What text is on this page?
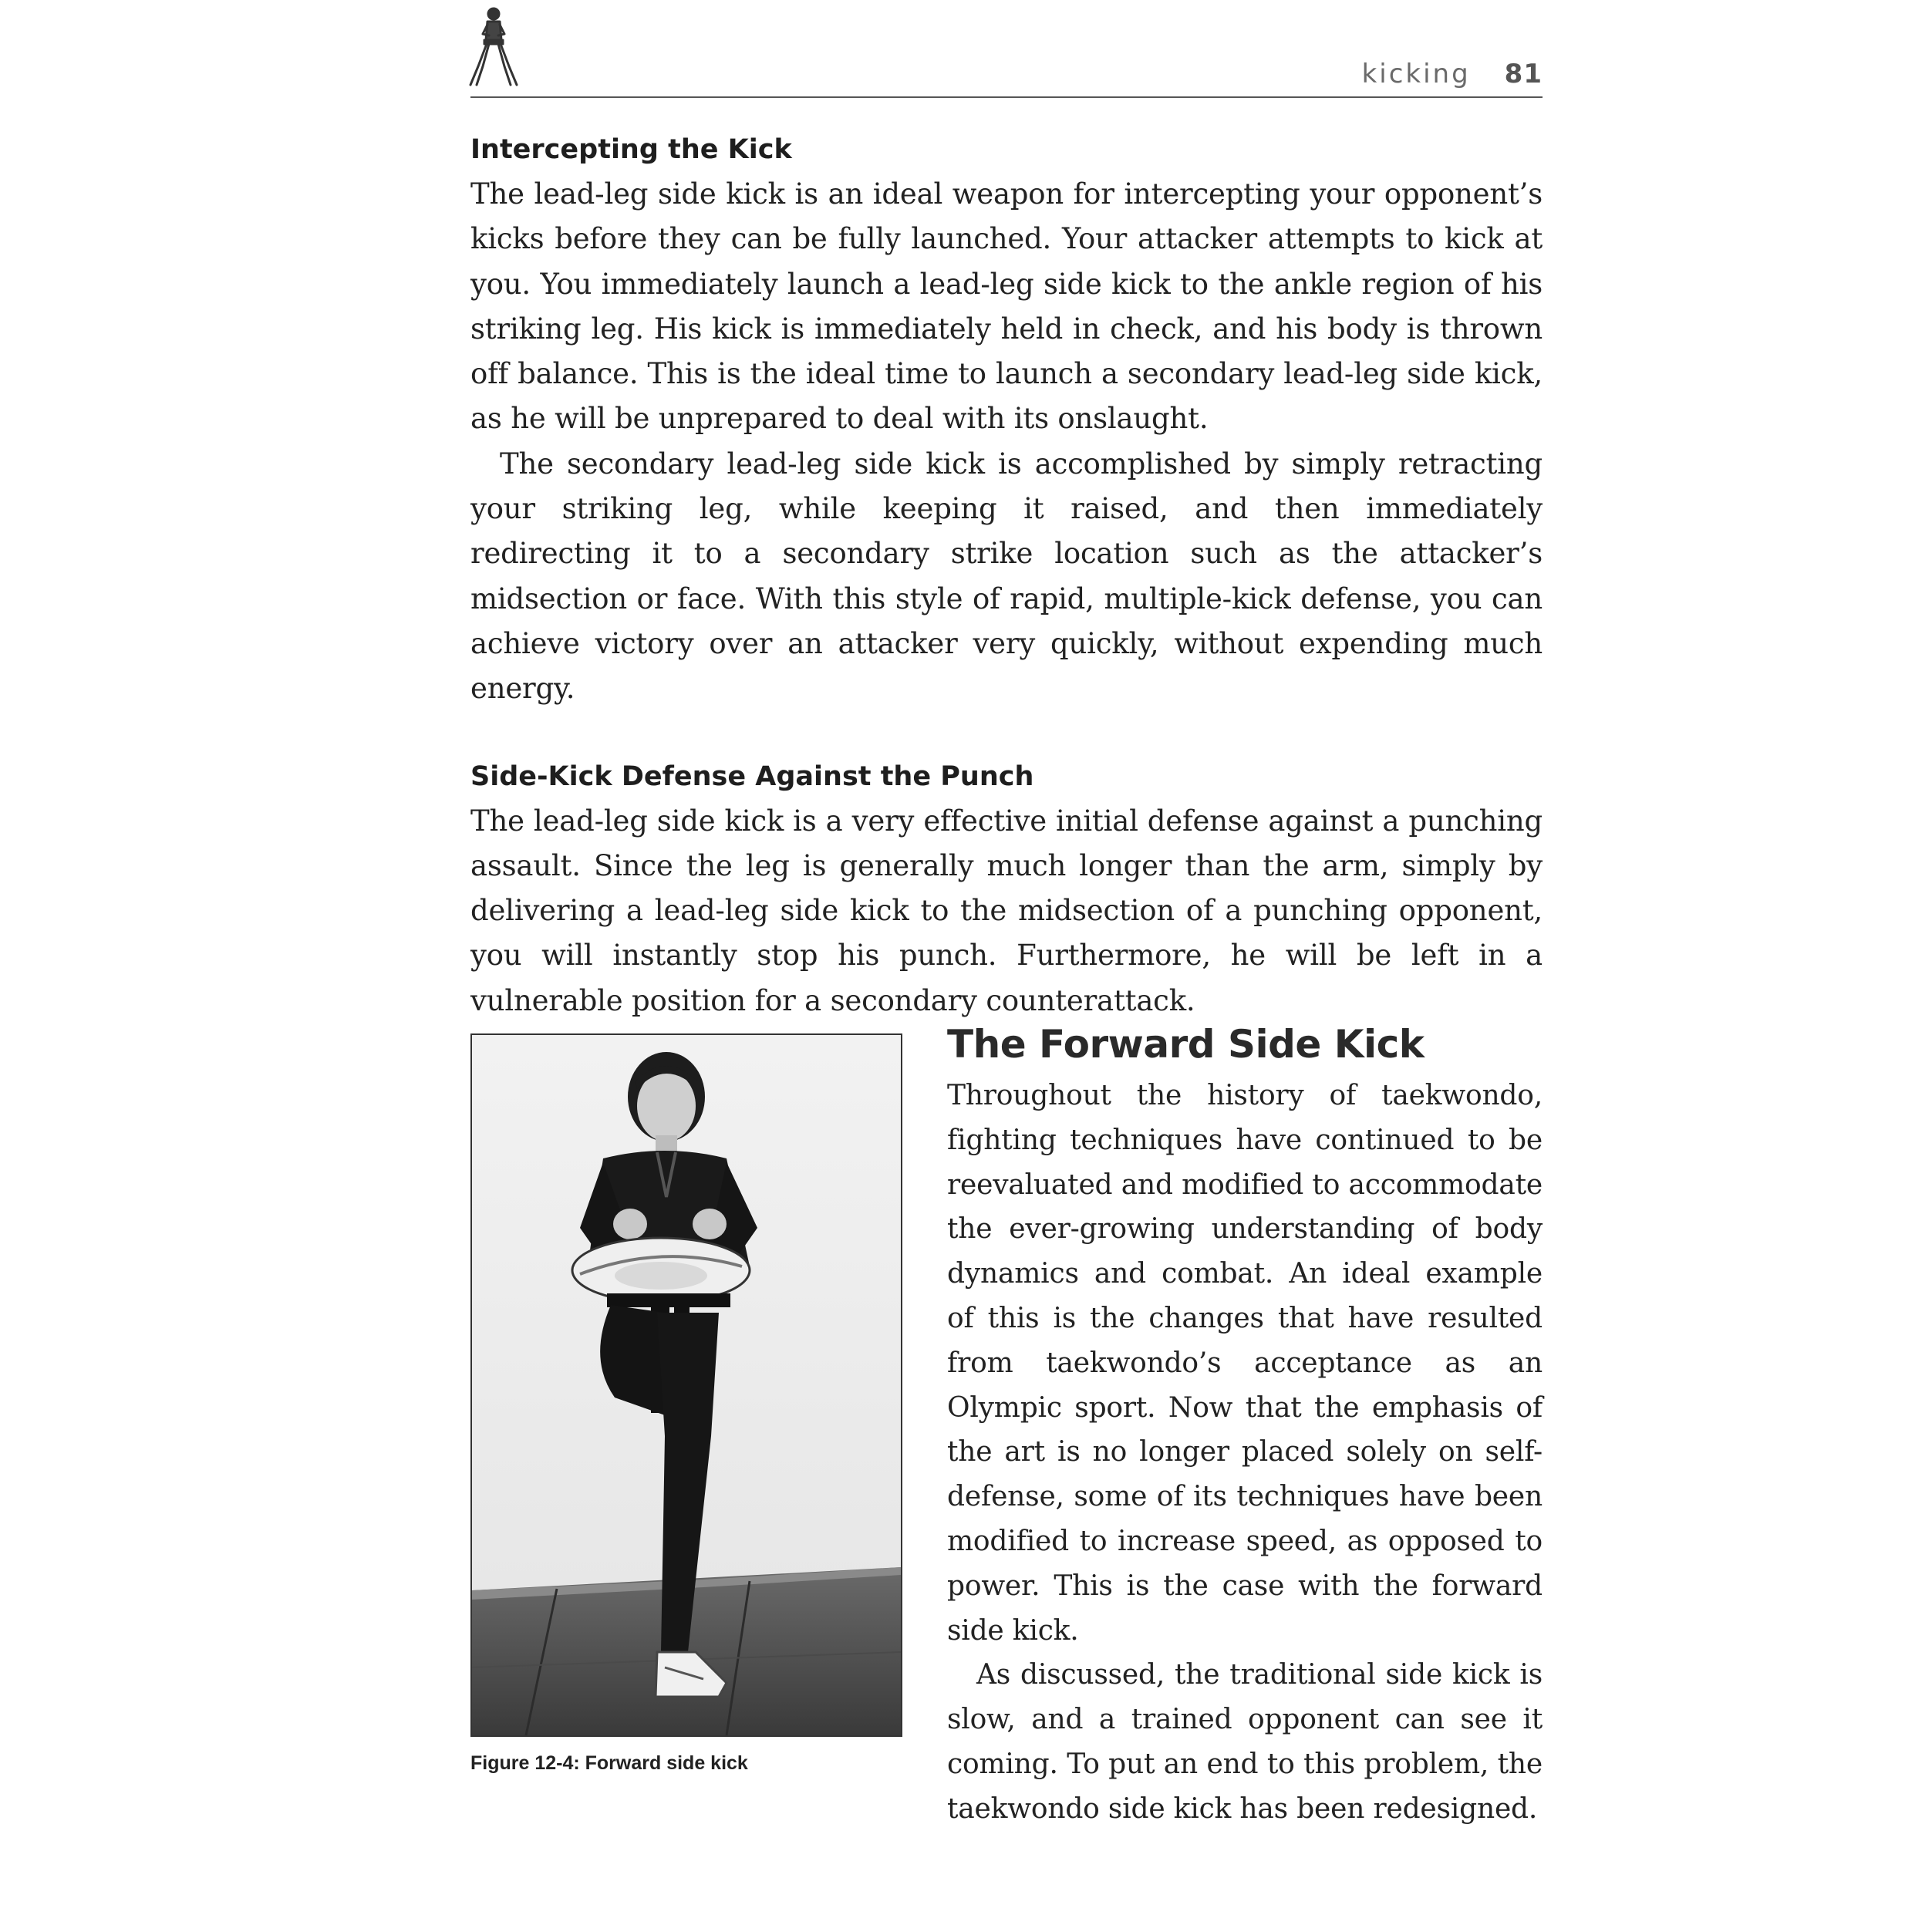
kicking 81
Intercepting the Kick

The lead-leg side kick is an ideal weapon for intercepting your opponent’s kicks before they can be fully launched. Your attacker attempts to kick at you. You immediately launch a lead-leg side kick to the ankle region of his striking leg. His kick is immediately held in check, and his body is thrown off balance. This is the ideal time to launch a secondary lead-leg side kick, as he will be unprepared to deal with its onslaught.

The secondary lead-leg side kick is accomplished by simply retracting your striking leg, while keeping it raised, and then immediately redirecting it to a secondary strike location such as the attacker’s midsection or face. With this style of rapid, multiple-kick defense, you can achieve victory over an attacker very quickly, without expending much energy.

Side-Kick Defense Against the Punch

The lead-leg side kick is a very effective initial defense against a punching assault. Since the leg is generally much longer than the arm, simply by delivering a lead-leg side kick to the midsection of a punching opponent, you will instantly stop his punch. Furthermore, he will be left in a vulnerable position for a secondary counterattack.

Figure 12-4: Forward side kick
The Forward Side Kick

Throughout the history of taekwondo, fighting techniques have continued to be reevaluated and modified to accommodate the ever-growing understanding of body dynamics and combat. An ideal example of this is the changes that have resulted from taekwondo’s acceptance as an Olympic sport. Now that the emphasis of the art is no longer placed solely on self-defense, some of its techniques have been modified to increase speed, as opposed to power. This is the case with the forward side kick.

As discussed, the traditional side kick is slow, and a trained opponent can see it coming. To put an end to this problem, the taekwondo side kick has been redesigned.
